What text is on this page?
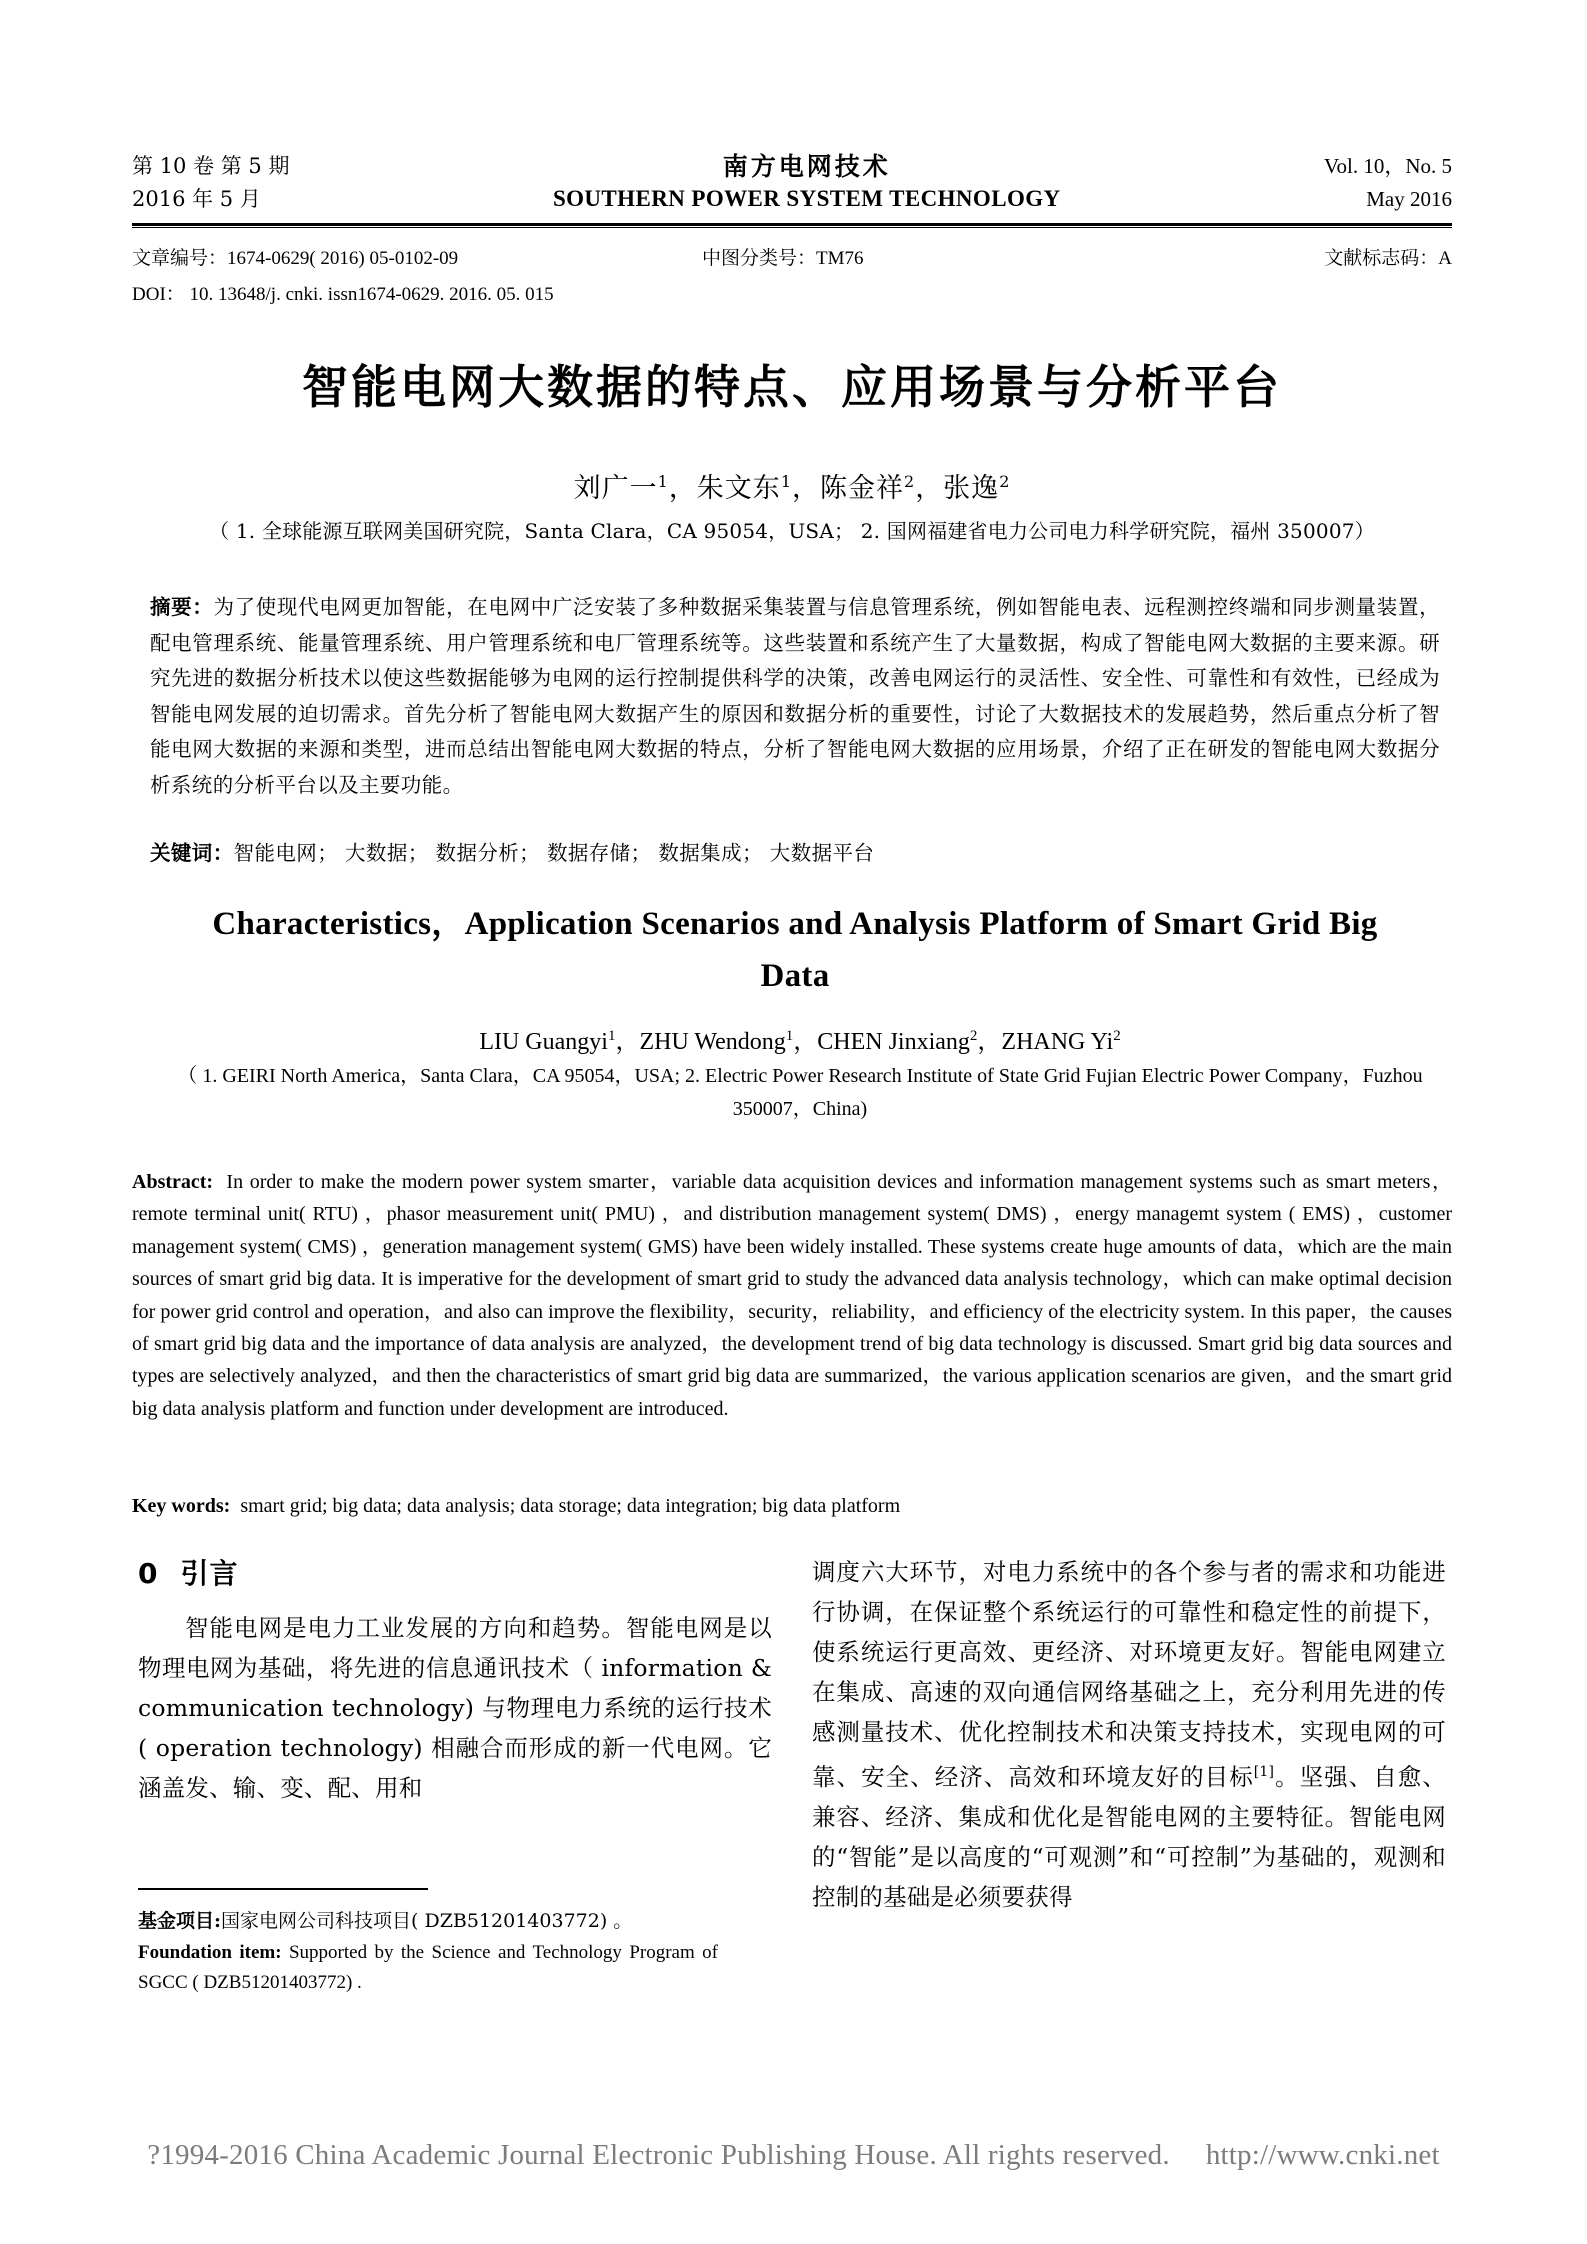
第 10 卷 第 5 期
2016 年 5 月
南方电网技术
SOUTHERN POWER SYSTEM TECHNOLOGY
Vol. 10，No. 5
May 2016
文章编号：1674-0629( 2016) 05-0102-09	中图分类号：TM76	文献标志码：A
DOI： 10. 13648/j. cnki. issn1674-0629. 2016. 05. 015
智能电网大数据的特点、应用场景与分析平台
刘广一$^1$，朱文东$^1$，陈金祥$^2$，张逸$^2$
（ 1. 全球能源互联网美国研究院，Santa Clara，CA 95054，USA； 2. 国网福建省电力公司电力科学研究院，福州 350007）

摘要：为了使现代电网更加智能，在电网中广泛安装了多种数据采集装置与信息管理系统，例如智能电表、远程测控终端和同步测量装置，配电管理系统、能量管理系统、用户管理系统和电厂管理系统等。这些装置和系统产生了大量数据，构成了智能电网大数据的主要来源。研究先进的数据分析技术以使这些数据能够为电网的运行控制提供科学的决策，改善电网运行的灵活性、安全性、可靠性和有效性，已经成为智能电网发展的迫切需求。首先分析了智能电网大数据产生的原因和数据分析的重要性，讨论了大数据技术的发展趋势，然后重点分析了智能电网大数据的来源和类型，进而总结出智能电网大数据的特点，分析了智能电网大数据的应用场景，介绍了正在研发的智能电网大数据分析系统的分析平台以及主要功能。

关键词：智能电网； 大数据； 数据分析； 数据存储； 数据集成； 大数据平台
Characteristics，Application Scenarios and Analysis Platform of Smart Grid Big Data
LIU Guangyi$^1$，ZHU Wendong$^1$，CHEN Jinxiang$^2$，ZHANG Yi$^2$
（ 1. GEIRI North America，Santa Clara，CA 95054，USA; 2. Electric Power Research Institute of State Grid Fujian Electric Power Company，Fuzhou 350007，China)
Abstract: In order to make the modern power system smarter，variable data acquisition devices and information management systems such as smart meters，remote terminal unit( RTU) ，phasor measurement unit( PMU) ，and distribution management system( DMS) ，energy managemt system ( EMS) ，customer management system( CMS) ，generation management system( GMS) have been widely installed. These systems create huge amounts of data，which are the main sources of smart grid big data. It is imperative for the development of smart grid to study the advanced data analysis technology，which can make optimal decision for power grid control and operation，and also can improve the flexibility，security，reliability，and efficiency of the electricity system. In this paper，the causes of smart grid big data and the importance of data analysis are analyzed，the development trend of big data technology is discussed. Smart grid big data sources and types are selectively analyzed，and then the characteristics of smart grid big data are summarized，the various application scenarios are given，and the smart grid big data analysis platform and function under development are introduced.
Key words: smart grid; big data; data analysis; data storage; data integration; big data platform
0 引言

智能电网是电力工业发展的方向和趋势。智能电网是以物理电网为基础，将先进的信息通讯技术（ information & communication technology) 与物理电力系统的运行技术( operation technology) 相融合而形成的新一代电网。它涵盖发、输、变、配、用和

调度六大环节，对电力系统中的各个参与者的需求和功能进行协调，在保证整个系统运行的可靠性和稳定性的前提下，使系统运行更高效、更经济、对环境更友好。智能电网建立在集成、高速的双向通信网络基础之上，充分利用先进的传感测量技术、优化控制技术和决策支持技术，实现电网的可靠、安全、经济、高效和环境友好的目标[1]。坚强、自愈、兼容、经济、集成和优化是智能电网的主要特征。智能电网的“智能”是以高度的“可观测”和“可控制”为基础的，观测和控制的基础是必须要获得

基金项目:国家电网公司科技项目( DZB51201403772) 。

Foundation item: Supported by the Science and Technology Program of SGCC ( DZB51201403772) .

?1994-2016 China Academic Journal Electronic Publishing House. All rights reserved. http://www.cnki.net
